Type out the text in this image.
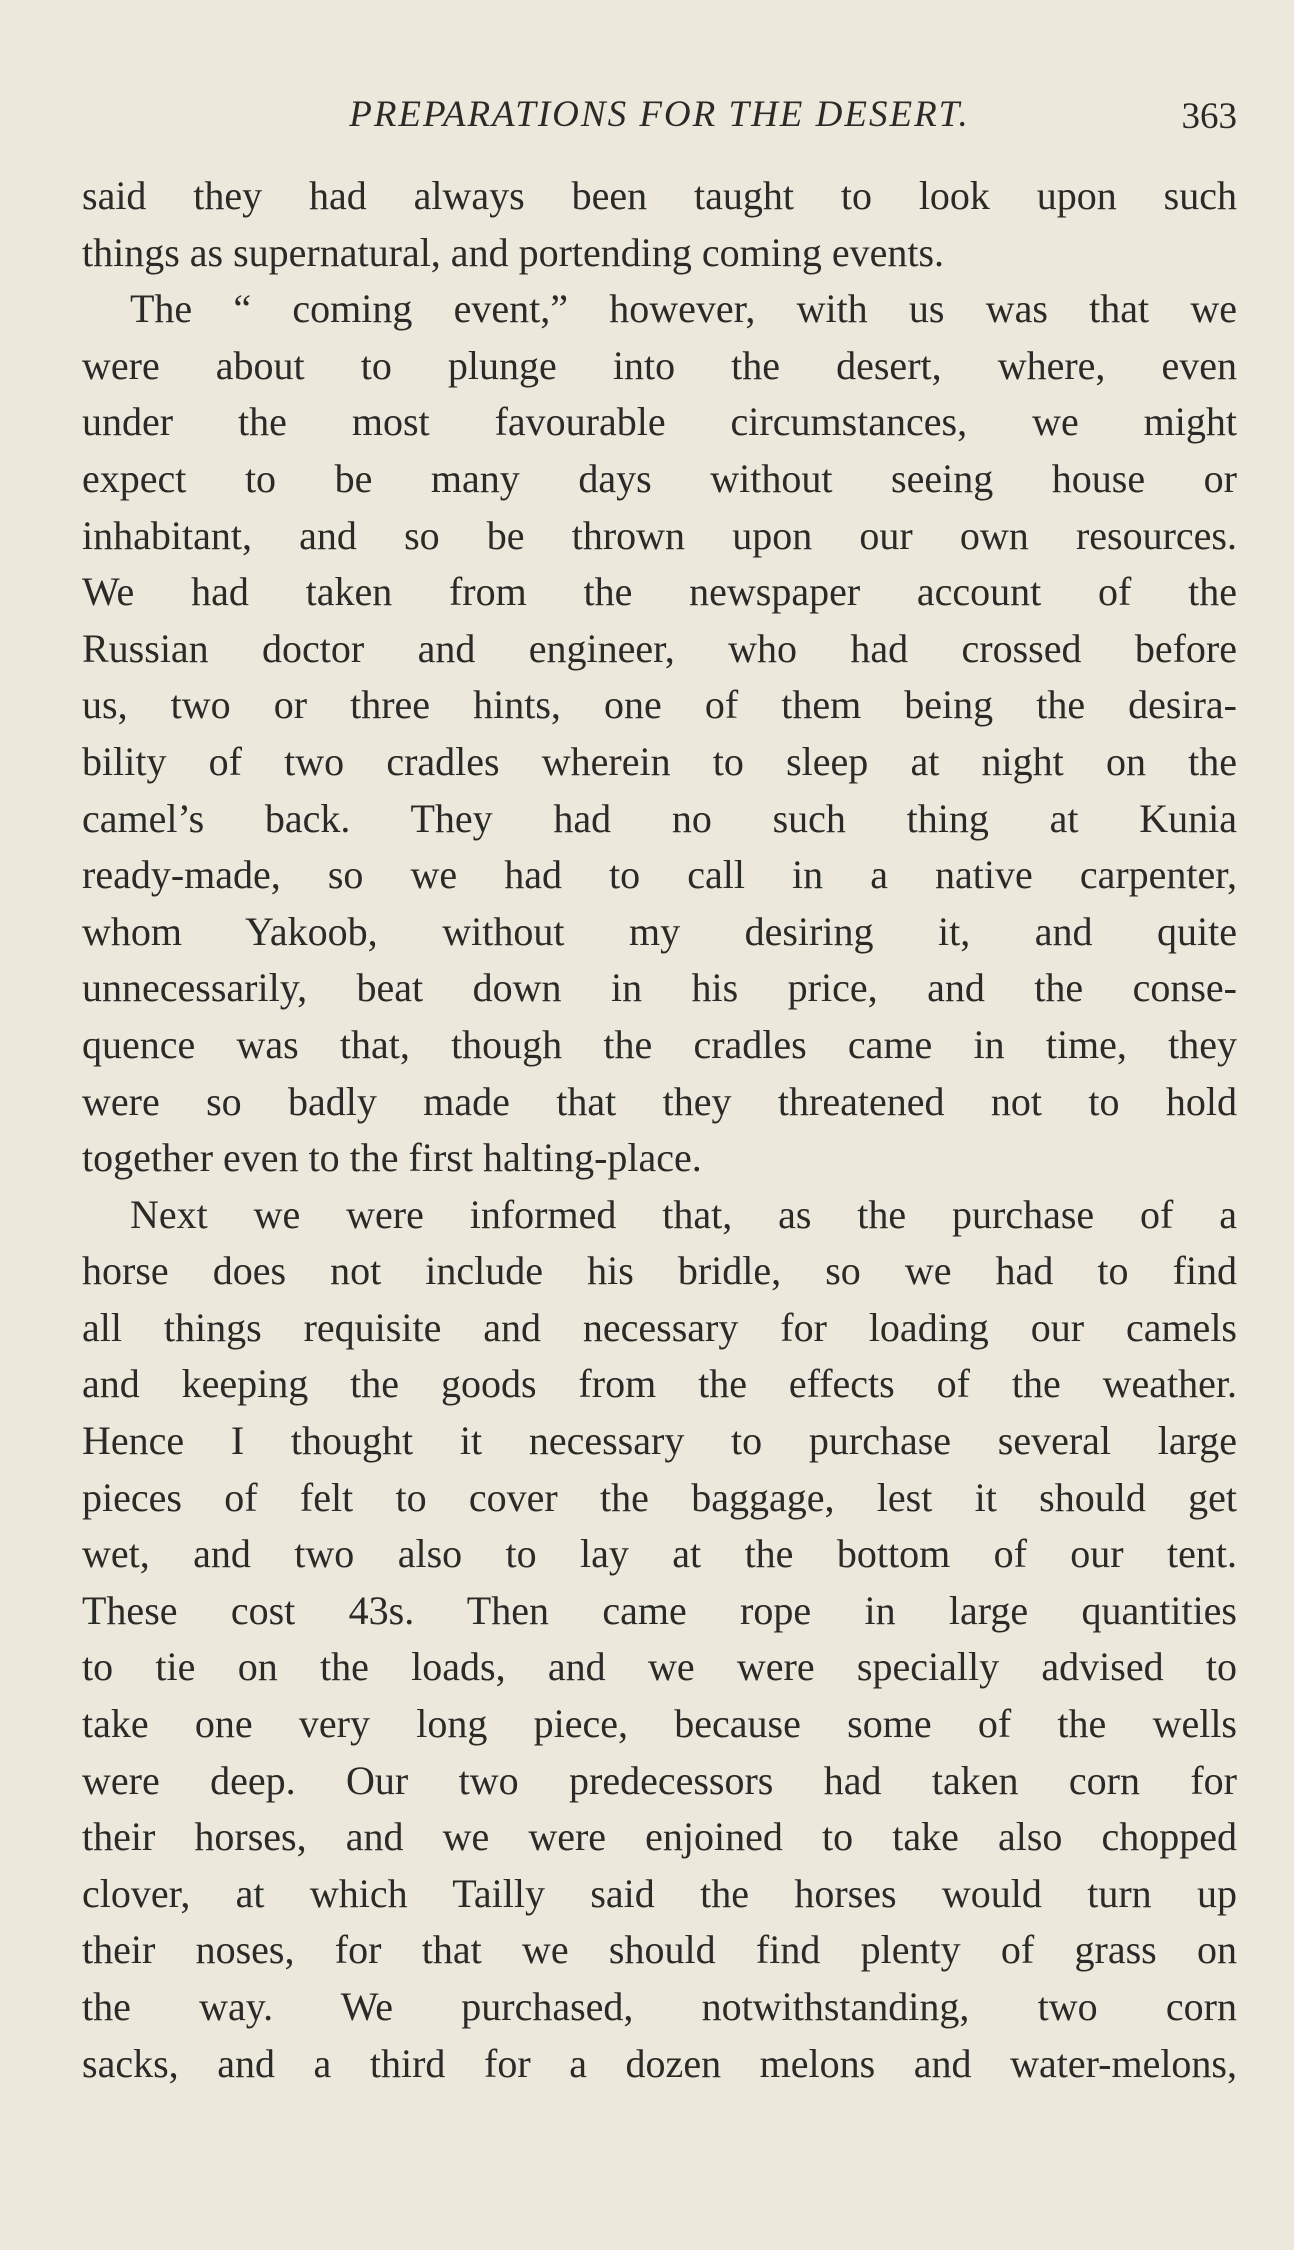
PREPARATIONS FOR THE DESERT.	363
said they had always been taught to look upon such
things as supernatural, and portending coming events.
The “ coming event,” however, with us was that we
were about to plunge into the desert, where, even
under the most favourable circumstances, we might
expect to be many days without seeing house or
inhabitant, and so be thrown upon our own resources.
We had taken from the newspaper account of the
Russian doctor and engineer, who had crossed before
us, two or three hints, one of them being the desira-
bility of two cradles wherein to sleep at night on the
camel’s back. They had no such thing at Kunia
ready-made, so we had to call in a native carpenter,
whom Yakoob, without my desiring it, and quite
unnecessarily, beat down in his price, and the conse-
quence was that, though the cradles came in time, they
were so badly made that they threatened not to hold
together even to the first halting-place.
Next we were informed that, as the purchase of a
horse does not include his bridle, so we had to find
all things requisite and necessary for loading our camels
and keeping the goods from the effects of the weather.
Hence I thought it necessary to purchase several large
pieces of felt to cover the baggage, lest it should get
wet, and two also to lay at the bottom of our tent.
These cost 43s. Then came rope in large quantities
to tie on the loads, and we were specially advised to
take one very long piece, because some of the wells
were deep. Our two predecessors had taken corn for
their horses, and we were enjoined to take also chopped
clover, at which Tailly said the horses would turn up
their noses, for that we should find plenty of grass on
the way. We purchased, notwithstanding, two corn
sacks, and a third for a dozen melons and water-melons,
